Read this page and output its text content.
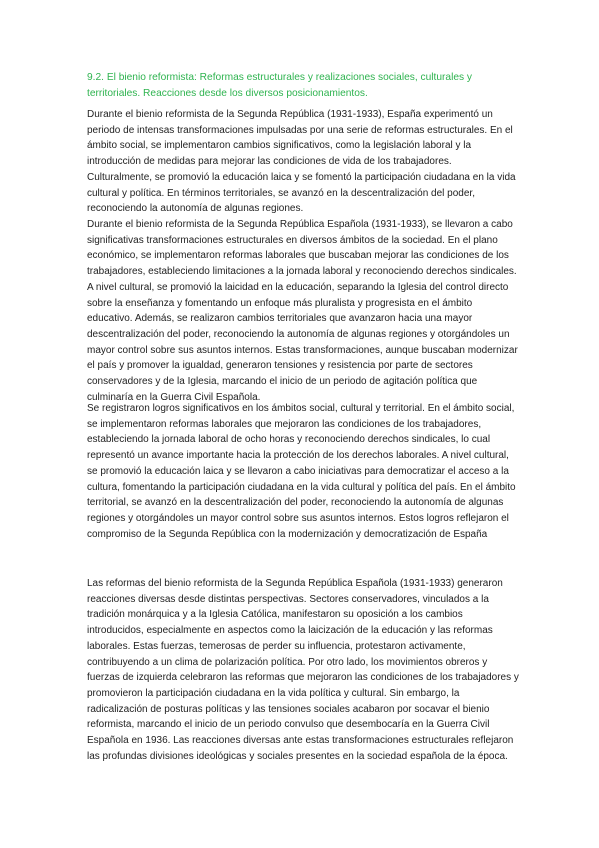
9.2. El bienio reformista: Reformas estructurales y realizaciones sociales, culturales y territoriales. Reacciones desde los diversos posicionamientos.

Durante el bienio reformista de la Segunda República (1931-1933), España experimentó un periodo de intensas transformaciones impulsadas por una serie de reformas estructurales. En el ámbito social, se implementaron cambios significativos, como la legislación laboral y la introducción de medidas para mejorar las condiciones de vida de los trabajadores. Culturalmente, se promovió la educación laica y se fomentó la participación ciudadana en la vida cultural y política. En términos territoriales, se avanzó en la descentralización del poder, reconociendo la autonomía de algunas regiones.

Durante el bienio reformista de la Segunda República Española (1931-1933), se llevaron a cabo significativas transformaciones estructurales en diversos ámbitos de la sociedad. En el plano económico, se implementaron reformas laborales que buscaban mejorar las condiciones de los trabajadores, estableciendo limitaciones a la jornada laboral y reconociendo derechos sindicales. A nivel cultural, se promovió la laicidad en la educación, separando la Iglesia del control directo sobre la enseñanza y fomentando un enfoque más pluralista y progresista en el ámbito educativo. Además, se realizaron cambios territoriales que avanzaron hacia una mayor descentralización del poder, reconociendo la autonomía de algunas regiones y otorgándoles un mayor control sobre sus asuntos internos. Estas transformaciones, aunque buscaban modernizar el país y promover la igualdad, generaron tensiones y resistencia por parte de sectores conservadores y de la Iglesia, marcando el inicio de un periodo de agitación política que culminaría en la Guerra Civil Española.

Se registraron logros significativos en los ámbitos social, cultural y territorial. En el ámbito social, se implementaron reformas laborales que mejoraron las condiciones de los trabajadores, estableciendo la jornada laboral de ocho horas y reconociendo derechos sindicales, lo cual representó un avance importante hacia la protección de los derechos laborales. A nivel cultural, se promovió la educación laica y se llevaron a cabo iniciativas para democratizar el acceso a la cultura, fomentando la participación ciudadana en la vida cultural y política del país. En el ámbito territorial, se avanzó en la descentralización del poder, reconociendo la autonomía de algunas regiones y otorgándoles un mayor control sobre sus asuntos internos. Estos logros reflejaron el compromiso de la Segunda República con la modernización y democratización de España

Las reformas del bienio reformista de la Segunda República Española (1931-1933) generaron reacciones diversas desde distintas perspectivas. Sectores conservadores, vinculados a la tradición monárquica y a la Iglesia Católica, manifestaron su oposición a los cambios introducidos, especialmente en aspectos como la laicización de la educación y las reformas laborales. Estas fuerzas, temerosas de perder su influencia, protestaron activamente, contribuyendo a un clima de polarización política. Por otro lado, los movimientos obreros y fuerzas de izquierda celebraron las reformas que mejoraron las condiciones de los trabajadores y promovieron la participación ciudadana en la vida política y cultural. Sin embargo, la radicalización de posturas políticas y las tensiones sociales acabaron por socavar el bienio reformista, marcando el inicio de un periodo convulso que desembocaría en la Guerra Civil Española en 1936. Las reacciones diversas ante estas transformaciones estructurales reflejaron las profundas divisiones ideológicas y sociales presentes en la sociedad española de la época.
